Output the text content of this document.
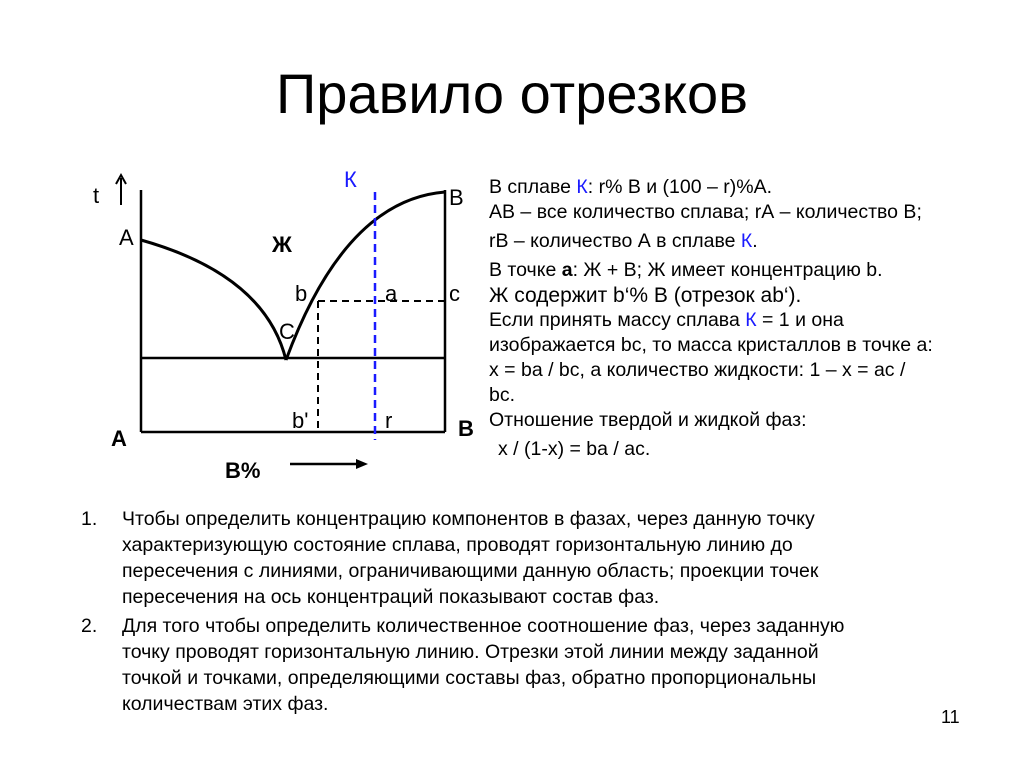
Правило отрезков
t
A
B
К
Ж
b	a c
C
b'	r
A	B
B%
В сплаве К: r% В и (100 – r)%А.
АВ – все количество сплава; rА – количество В;
rВ – количество А в сплаве К.
В точке а: Ж + В; Ж имеет концентрацию b.
Ж содержит b‘% В (отрезок ab‘).
Если принять массу сплава К = 1 и она
изображается bc, то масса кристаллов в точке а:
x = bа / bc, а количество жидкости: 1 – x = ac /
bc.
Отношение твердой и жидкой фаз:
x / (1-x) = bа / ac.
1. Чтобы определить концентрацию компонентов в фазах, через данную точку
характеризующую состояние сплава, проводят горизонтальную линию до
пересечения с линиями, ограничивающими данную область; проекции точек
пересечения на ось концентраций показывают состав фаз.
2. Для того чтобы определить количественное соотношение фаз, через заданную
точку проводят горизонтальную линию. Отрезки этой линии между заданной
точкой и точками, определяющими составы фаз, обратно пропорциональны
количествам этих фаз.
11
